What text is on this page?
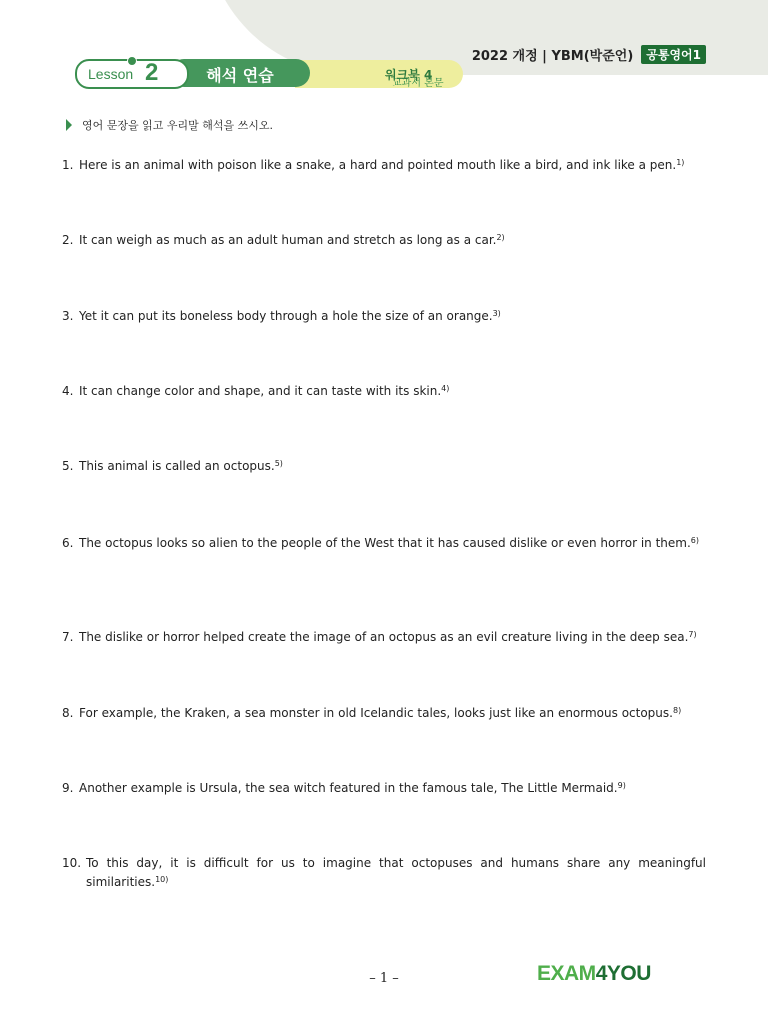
2022 개정 | YBM(박준언)	공통영어1
워크북 4
해석 연습
Lesson 2	교과서 본문
영어 문장을 읽고 우리말 해석을 쓰시오.
1. Here is an animal with poison like a snake, a hard and pointed mouth like a bird, and ink like a pen.$^{1)}$
2. It can weigh as much as an adult human and stretch as long as a car.$^{2)}$
3. Yet it can put its boneless body through a hole the size of an orange.$^{3)}$
4. It can change color and shape, and it can taste with its skin.$^{4)}$
5. This animal is called an octopus.$^{5)}$
6. The octopus looks so alien to the people of the West that it has caused dislike or even horror in them.$^{6)}$
7. The dislike or horror helped create the image of an octopus as an evil creature living in the deep sea.$^{7)}$
8. For example, the Kraken, a sea monster in old Icelandic tales, looks just like an enormous octopus.$^{8)}$
9. Another example is Ursula, the sea witch featured in the famous tale, The Little Mermaid.$^{9)}$
10. To this day, it is difficult for us to imagine that octopuses and humans share any meaningful similarities.$^{10)}$
– 1 –	EXAM4YOU
